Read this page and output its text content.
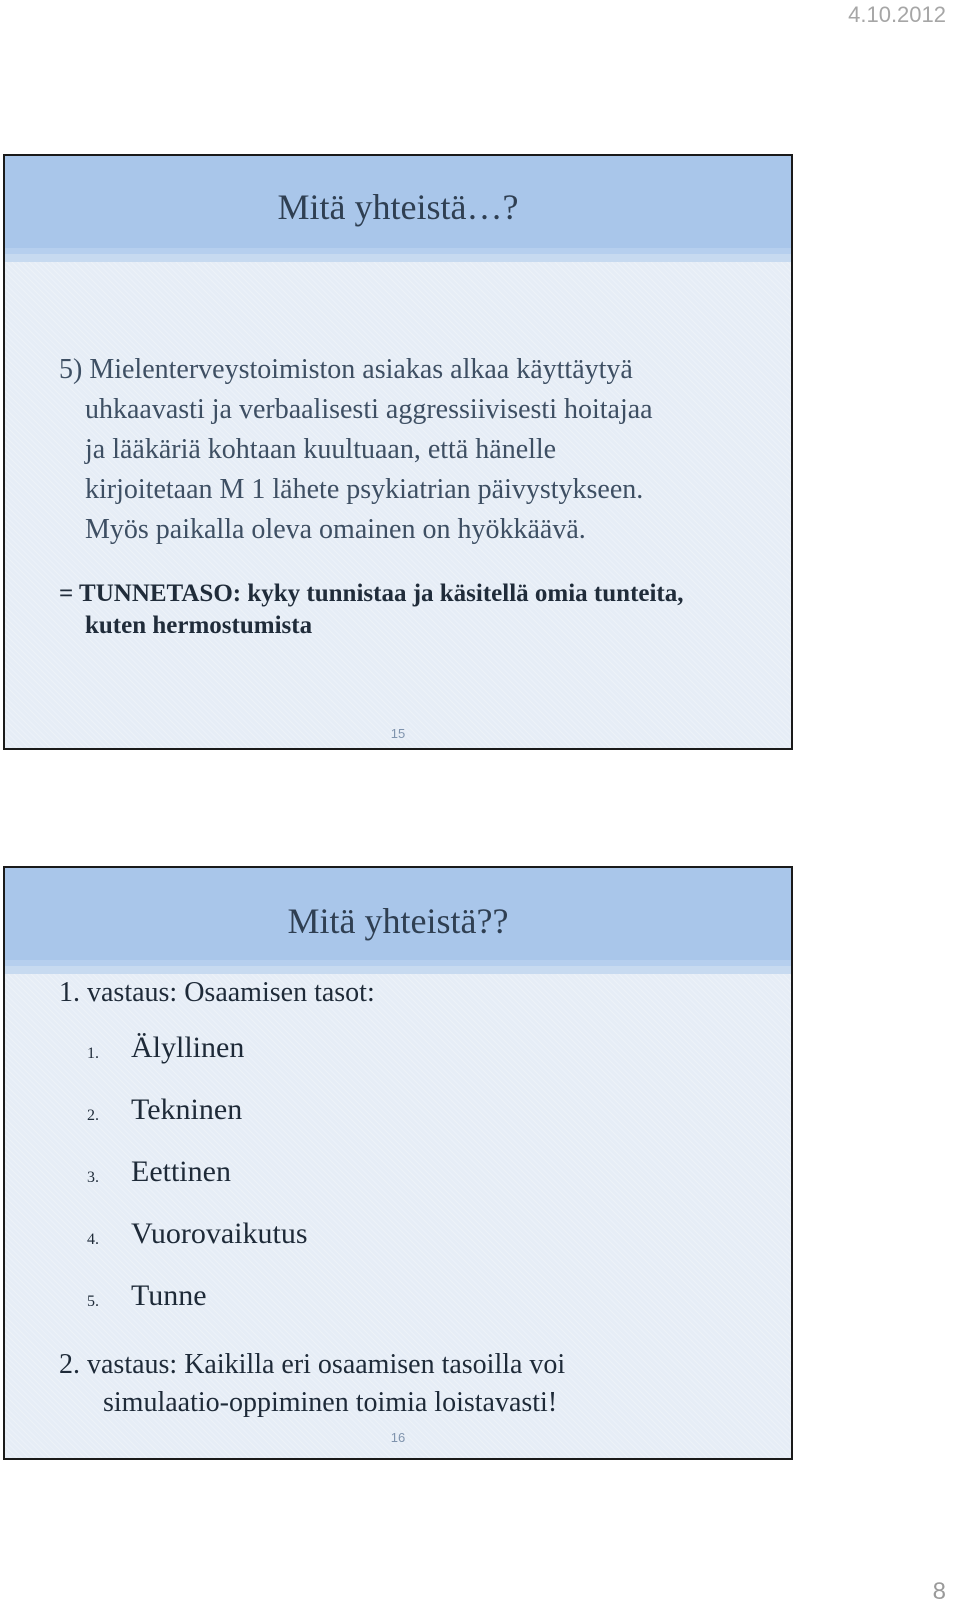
4.10.2012
Mitä yhteistä…?
5) Mielenterveystoimiston asiakas alkaa käyttäytyä
uhkaavasti ja verbaalisesti aggressiivisesti hoitajaa
ja lääkäriä kohtaan kuultuaan, että hänelle
kirjoitetaan M 1 lähete psykiatrian päivystykseen.
Myös paikalla oleva omainen on hyökkäävä.
= TUNNETASO: kyky tunnistaa ja käsitellä omia tunteita,
kuten hermostumista
15
Mitä yhteistä??
1. vastaus: Osaamisen tasot:
1. Älyllinen
2. Tekninen
3. Eettinen
4. Vuorovaikutus
5. Tunne
2. vastaus: Kaikilla eri osaamisen tasoilla voi
simulaatio-oppiminen toimia loistavasti!
16
8
